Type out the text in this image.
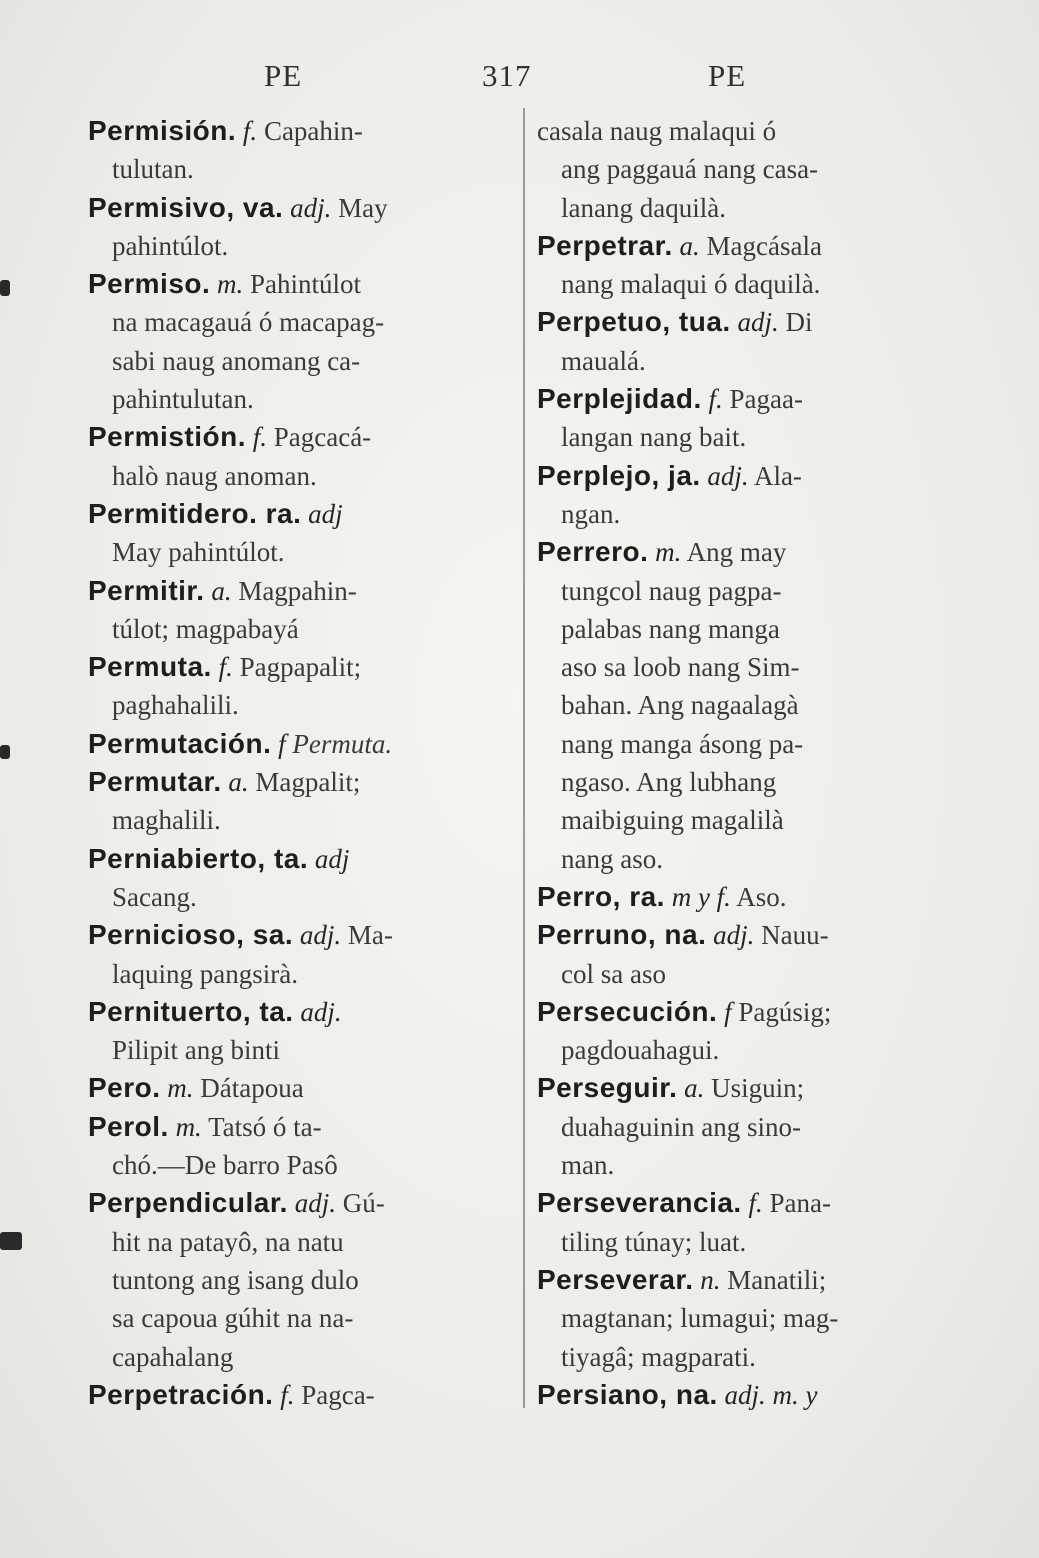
PE	317	PE

Permisión. f. Capahin-
tulutan.

Permisivo, va. adj. May
pahintúlot.

Permiso. m. Pahintúlot
na macagauá ó macapag-
sabi naug anomang ca-
pahintulutan.

Permistión. f. Pagcacá-
halò naug anoman.

Permitidero. ra. adj
May pahintúlot.

Permitir. a. Magpahin-
túlot; magpabayá

Permuta. f. Pagpapalit;
paghahalili.

Permutación. f Permuta.

Permutar. a. Magpalit;
maghalili.

Perniabierto, ta. adj
Sacang.

Pernicioso, sa. adj. Ma-
laquing pangsirà.

Pernituerto, ta. adj.
Pilipit ang binti

Pero. m. Dátapoua

Perol. m. Tatsó ó ta-
chó.—De barro Pasô

Perpendicular. adj. Gú-
hit na patayô, na natu
tuntong ang isang dulo
sa capoua gúhit na na-
capahalang

Perpetración. f. Pagca-

casala naug malaqui ó
ang paggauá nang casa-
lanang daquilà.

Perpetrar. a. Magcásala
nang malaqui ó daquilà.

Perpetuo, tua. adj. Di
maualá.

Perplejidad. f. Pagaa-
langan nang bait.

Perplejo, ja. adj. Ala-
ngan.

Perrero. m. Ang may
tungcol naug pagpa-
palabas nang manga
aso sa loob nang Sim-
bahan. Ang nagaalagà
nang manga ásong pa-
ngaso. Ang lubhang
maibiguing magalilà
nang aso.

Perro, ra. m y f. Aso.

Perruno, na. adj. Nauu-
col sa aso

Persecución. f Pagúsig;
pagdouahagui.

Perseguir. a. Usiguin;
duahaguinin ang sino-
man.

Perseverancia. f. Pana-
tiling túnay; luat.

Perseverar. n. Manatili;
magtanan; lumagui; mag-
tiyagâ; magparati.

Persiano, na. adj. m. y
